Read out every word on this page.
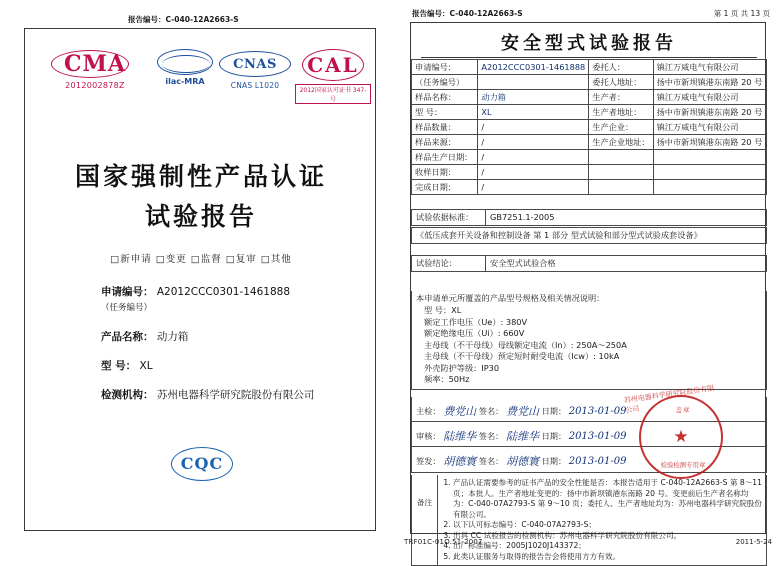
报告编号：C-040-12A2663-S
CMA
2012002878Z	ilac-MRA
CNAS
CNAS L1020
CAL
2012国家认可证书 347-号
国家强制性产品认证
试验报告
□新申请 □变更 □监督 □复审 □其他
申请编号： A2012CCC0301-1461888
（任务编号）
产品名称： 动力箱
型 号： XL
检测机构： 苏州电器科学研究院股份有限公司
CQC
报告编号：C-040-12A2663-S	第 1 页 共 13 页
安全型式试验报告
申请编号：	A2012CCC0301-1461888	委托人：	镇江万威电气有限公司
（任务编号）		委托人地址：	扬中市新坝镇港东南路 20 号
样品名称：	动力箱	生产者：	镇江万威电气有限公司
型 号：	XL	生产者地址：	扬中市新坝镇港东南路 20 号
样品数量：	/	生产企业：	镇江万威电气有限公司
样品来源：	/	生产企业地址：	扬中市新坝镇港东南路 20 号
样品生产日期：	/		
收样日期：	/		
完成日期：	/		
试验依据标准：	GB7251.1-2005
《低压成套开关设备和控制设备 第 1 部分 型式试验和部分型式试验成套设备》
试验结论：	安全型式试验合格
本申请单元所覆盖的产品型号规格及相关情况说明：
型 号：XL
额定工作电压（Ue）: 380V
额定绝缘电压（Ui）: 660V
主母线（不干母线）母线额定电流（In）: 250A～250A
主母线（不干母线）预定短时耐受电流（Icw）: 10kA
外壳防护等级：IP30
频率：50Hz
主检： 费党山 签名： 费党山 日期： 2013-01-09
审核： 陆维华 签名： 陆维华 日期： 2013-01-09
签发： 胡德寰 签名： 胡德寰 日期： 2013-01-09
苏州电器科学研究院股份有限公司	盖章
★
检验检测专用章
备注
1. 产品认证需要参考的证书产品的安全性能是否：本报告适用于 C-040-12A2663-S 第 8～11 页；本批人。生产者地址变更的：扬中市新坝镇港东南路 20 号。变更前后生产者名称均为：C-040-07A2793-S 第 9～10 页；委托人、生产者地址均为：苏州电器科学研究院股份有限公司。
2. 以下认可标志编号：C-040-07A2793-S；
3. 出具 CC 试验报告的检测机构：苏州电器科学研究院股份有限公司。
4. 出厂标准编号：2005J1020J143372；
5. 此类认证服务与取得的报告告会将使用方方有效。
TRF01C-01O.51-2007	2011-5-24
